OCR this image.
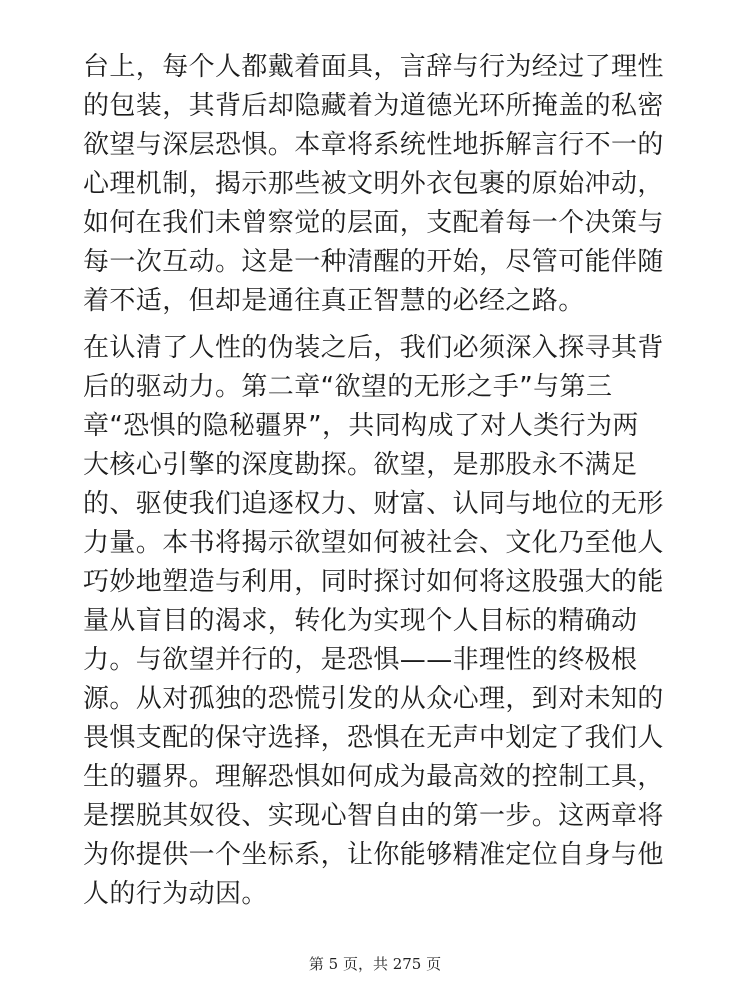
台上，每个人都戴着面具，言辞与行为经过了理性
的包装，其背后却隐藏着为道德光环所掩盖的私密
欲望与深层恐惧。本章将系统性地拆解言行不一的
心理机制，揭示那些被文明外衣包裹的原始冲动，
如何在我们未曾察觉的层面，支配着每一个决策与
每一次互动。这是一种清醒的开始，尽管可能伴随
着不适，但却是通往真正智慧的必经之路。
在认清了人性的伪装之后，我们必须深入探寻其背
后的驱动力。第二章“欲望的无形之手”与第三
章“恐惧的隐秘疆界”，共同构成了对人类行为两
大核心引擎的深度勘探。欲望，是那股永不满足
的、驱使我们追逐权力、财富、认同与地位的无形
力量。本书将揭示欲望如何被社会、文化乃至他人
巧妙地塑造与利用，同时探讨如何将这股强大的能
量从盲目的渴求，转化为实现个人目标的精确动
力。与欲望并行的，是恐惧——非理性的终极根
源。从对孤独的恐慌引发的从众心理，到对未知的
畏惧支配的保守选择，恐惧在无声中划定了我们人
生的疆界。理解恐惧如何成为最高效的控制工具，
是摆脱其奴役、实现心智自由的第一步。这两章将
为你提供一个坐标系，让你能够精准定位自身与他
人的行为动因。
第 5 页，共 275 页
